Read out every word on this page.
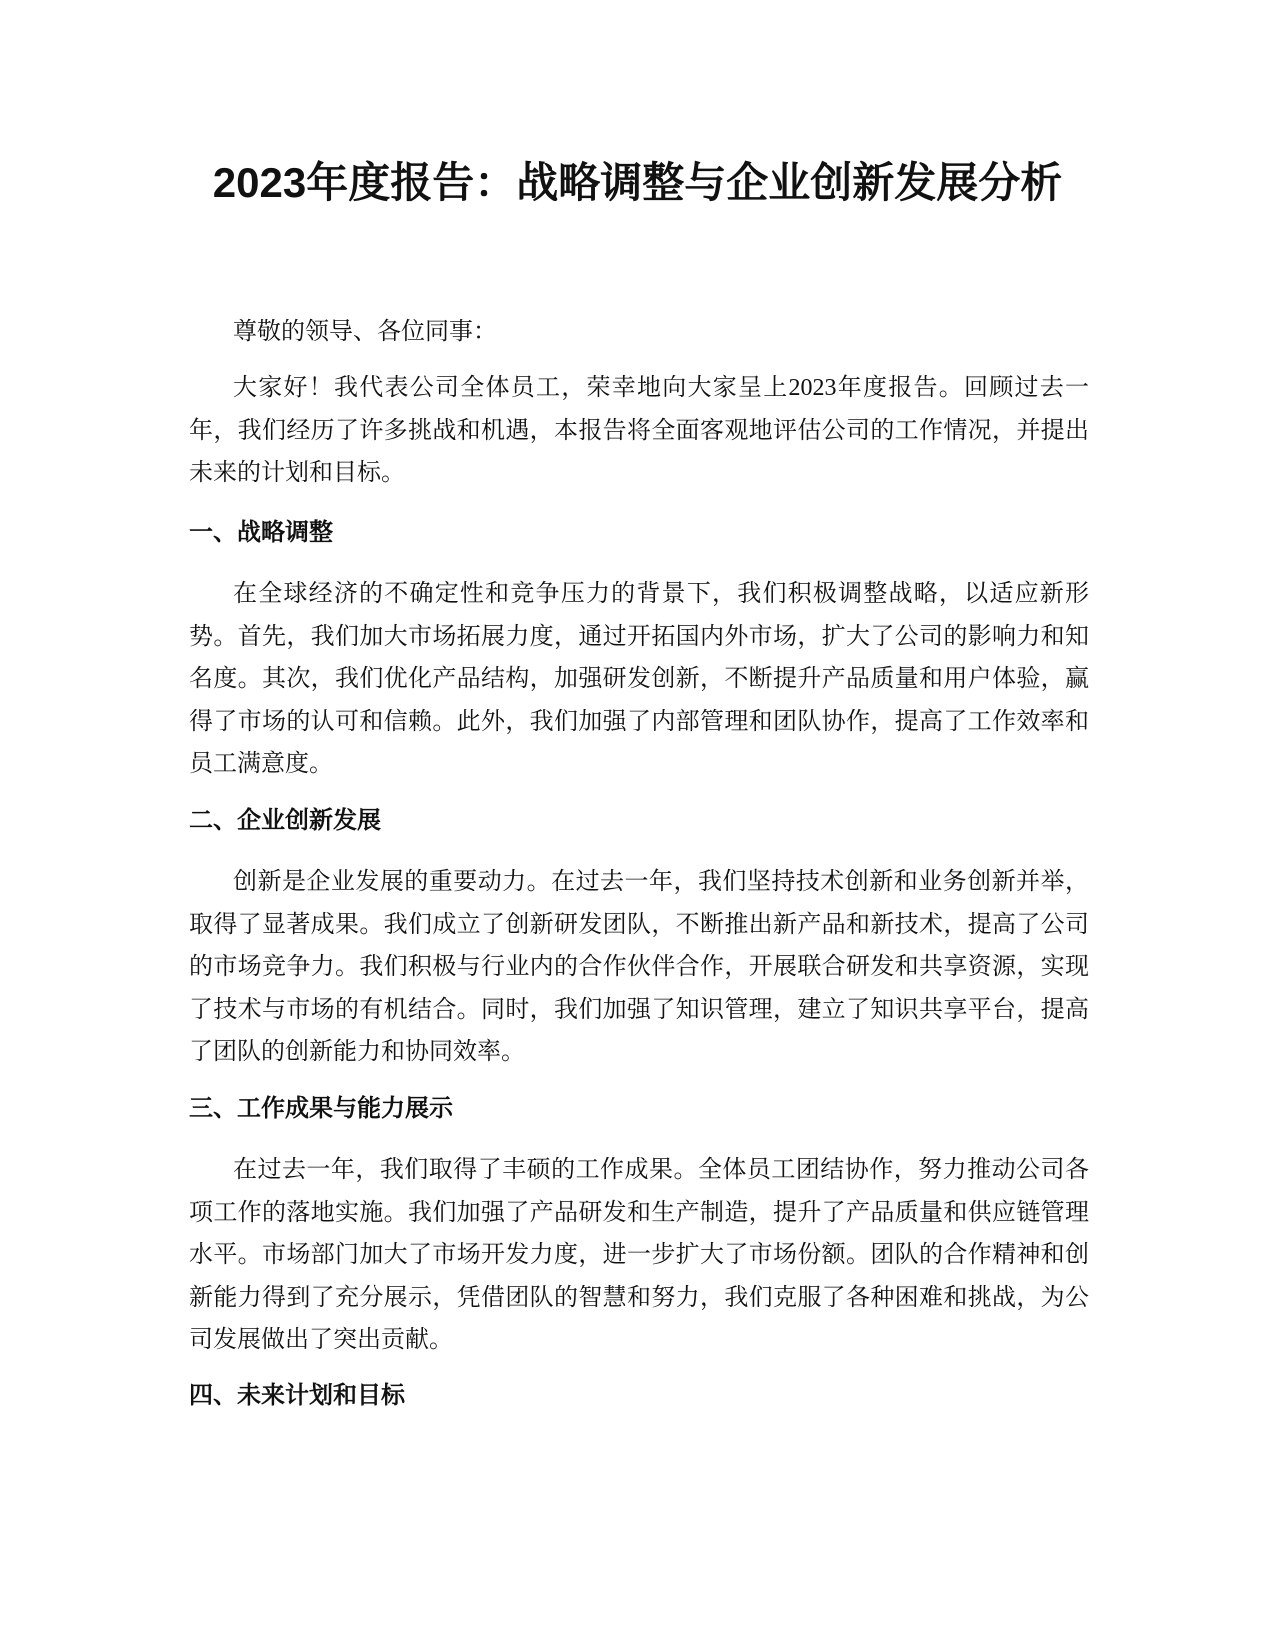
2023年度报告：战略调整与企业创新发展分析

尊敬的领导、各位同事：

大家好！我代表公司全体员工，荣幸地向大家呈上2023年度报告。回顾过去一年，我们经历了许多挑战和机遇，本报告将全面客观地评估公司的工作情况，并提出未来的计划和目标。

一、战略调整

在全球经济的不确定性和竞争压力的背景下，我们积极调整战略，以适应新形势。首先，我们加大市场拓展力度，通过开拓国内外市场，扩大了公司的影响力和知名度。其次，我们优化产品结构，加强研发创新，不断提升产品质量和用户体验，赢得了市场的认可和信赖。此外，我们加强了内部管理和团队协作，提高了工作效率和员工满意度。

二、企业创新发展

创新是企业发展的重要动力。在过去一年，我们坚持技术创新和业务创新并举，取得了显著成果。我们成立了创新研发团队，不断推出新产品和新技术，提高了公司的市场竞争力。我们积极与行业内的合作伙伴合作，开展联合研发和共享资源，实现了技术与市场的有机结合。同时，我们加强了知识管理，建立了知识共享平台，提高了团队的创新能力和协同效率。

三、工作成果与能力展示

在过去一年，我们取得了丰硕的工作成果。全体员工团结协作，努力推动公司各项工作的落地实施。我们加强了产品研发和生产制造，提升了产品质量和供应链管理水平。市场部门加大了市场开发力度，进一步扩大了市场份额。团队的合作精神和创新能力得到了充分展示，凭借团队的智慧和努力，我们克服了各种困难和挑战，为公司发展做出了突出贡献。

四、未来计划和目标
